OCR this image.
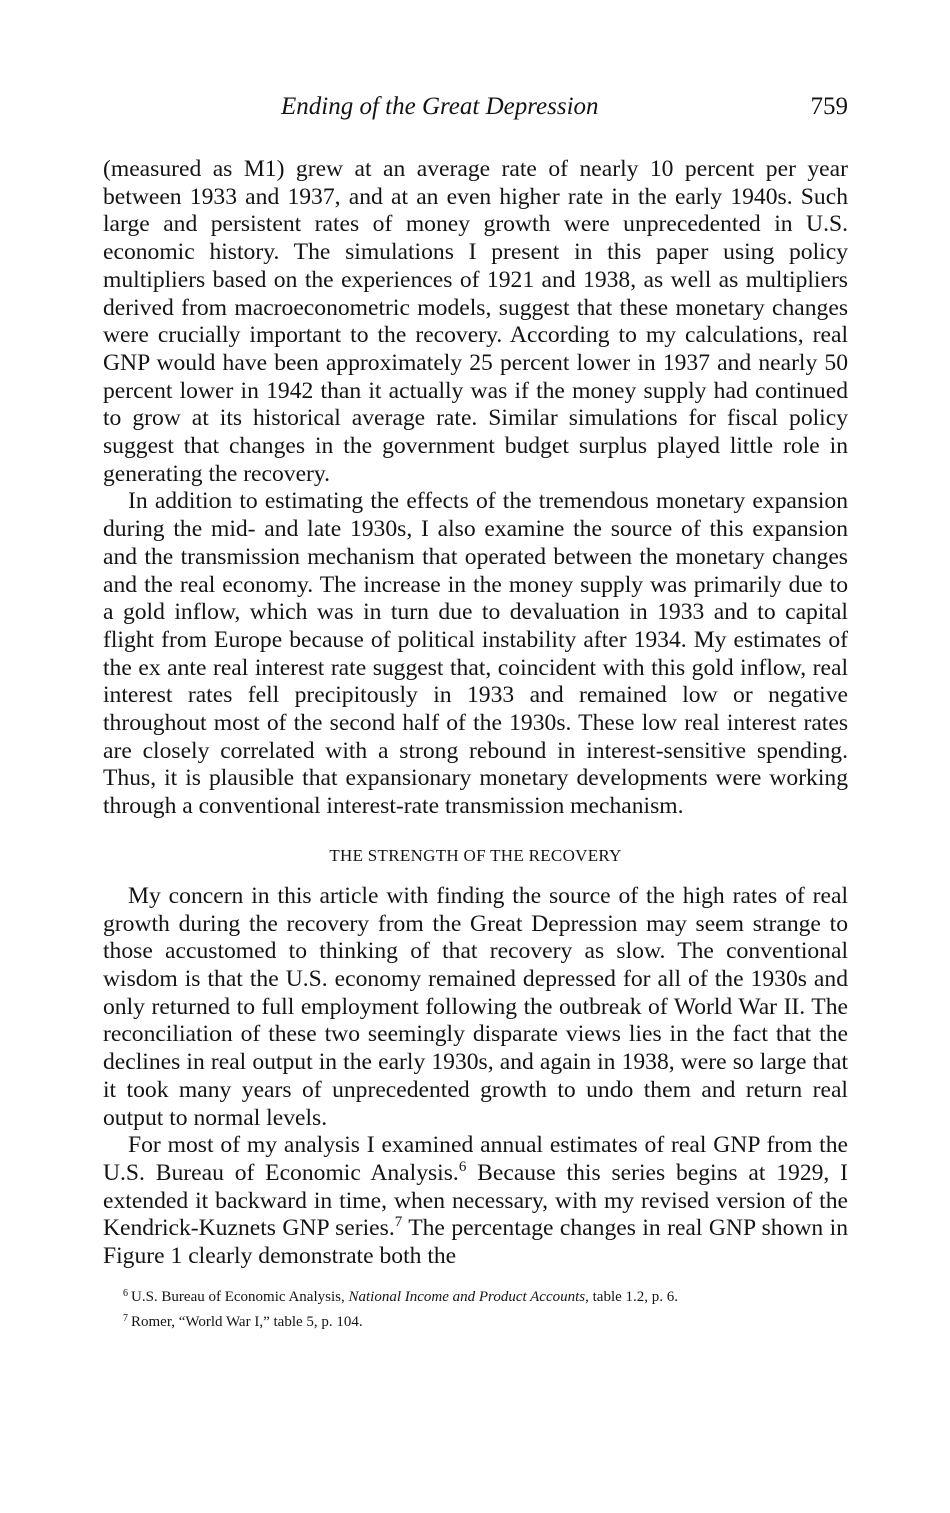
Ending of the Great Depression	759

(measured as M1) grew at an average rate of nearly 10 percent per year between 1933 and 1937, and at an even higher rate in the early 1940s. Such large and persistent rates of money growth were unprecedented in U.S. economic history. The simulations I present in this paper using policy multipliers based on the experiences of 1921 and 1938, as well as multipliers derived from macroeconometric models, suggest that these monetary changes were crucially important to the recovery. According to my calculations, real GNP would have been approximately 25 percent lower in 1937 and nearly 50 percent lower in 1942 than it actually was if the money supply had continued to grow at its historical average rate. Similar simulations for fiscal policy suggest that changes in the government budget surplus played little role in generating the recovery.

In addition to estimating the effects of the tremendous monetary expansion during the mid- and late 1930s, I also examine the source of this expansion and the transmission mechanism that operated between the monetary changes and the real economy. The increase in the money supply was primarily due to a gold inflow, which was in turn due to devaluation in 1933 and to capital flight from Europe because of political instability after 1934. My estimates of the ex ante real interest rate suggest that, coincident with this gold inflow, real interest rates fell precipitously in 1933 and remained low or negative throughout most of the second half of the 1930s. These low real interest rates are closely correlated with a strong rebound in interest-sensitive spending. Thus, it is plausible that expansionary monetary developments were working through a conventional interest-rate transmission mechanism.

THE STRENGTH OF THE RECOVERY

My concern in this article with finding the source of the high rates of real growth during the recovery from the Great Depression may seem strange to those accustomed to thinking of that recovery as slow. The conventional wisdom is that the U.S. economy remained depressed for all of the 1930s and only returned to full employment following the outbreak of World War II. The reconciliation of these two seemingly disparate views lies in the fact that the declines in real output in the early 1930s, and again in 1938, were so large that it took many years of unprecedented growth to undo them and return real output to normal levels.

For most of my analysis I examined annual estimates of real GNP from the U.S. Bureau of Economic Analysis.$^6$ Because this series begins at 1929, I extended it backward in time, when necessary, with my revised version of the Kendrick-Kuznets GNP series.$^7$ The percentage changes in real GNP shown in Figure 1 clearly demonstrate both the

$^6$ U.S. Bureau of Economic Analysis, National Income and Product Accounts, table 1.2, p. 6.
$^7$ Romer, “World War I,” table 5, p. 104.
